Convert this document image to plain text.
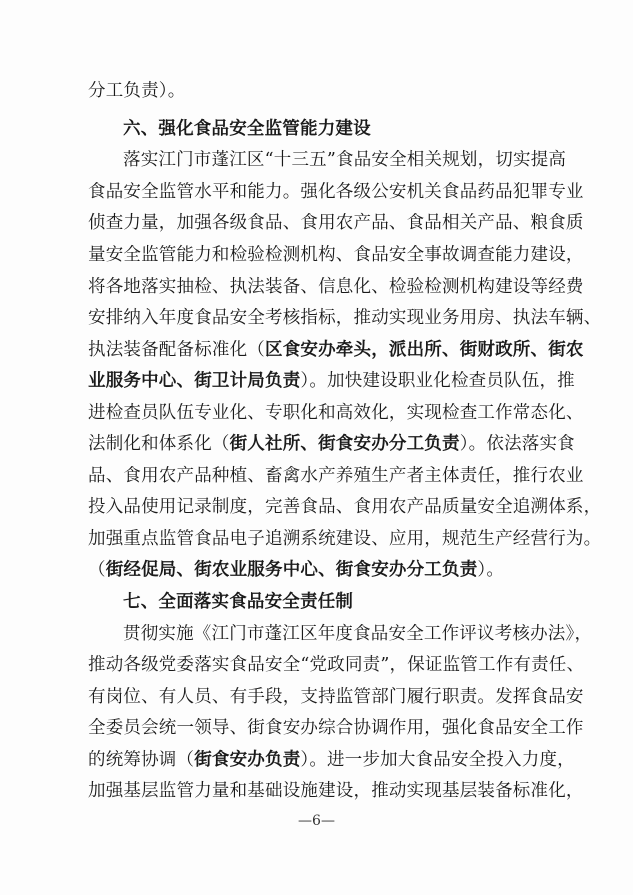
分工负责）。
六、强化食品安全监管能力建设
落实江门市蓬江区“十三五”食品安全相关规划，切实提高
食品安全监管水平和能力。强化各级公安机关食品药品犯罪专业
侦查力量，加强各级食品、食用农产品、食品相关产品、粮食质
量安全监管能力和检验检测机构、食品安全事故调查能力建设，
将各地落实抽检、执法装备、信息化、检验检测机构建设等经费
安排纳入年度食品安全考核指标，推动实现业务用房、执法车辆、
执法装备配备标准化（区食安办牵头，派出所、街财政所、街农
业服务中心、街卫计局负责）。加快建设职业化检查员队伍，推
进检查员队伍专业化、专职化和高效化，实现检查工作常态化、
法制化和体系化（街人社所、街食安办分工负责）。依法落实食
品、食用农产品种植、畜禽水产养殖生产者主体责任，推行农业
投入品使用记录制度，完善食品、食用农产品质量安全追溯体系，
加强重点监管食品电子追溯系统建设、应用，规范生产经营行为。
（街经促局、街农业服务中心、街食安办分工负责）。
七、全面落实食品安全责任制
贯彻实施《江门市蓬江区年度食品安全工作评议考核办法》，
推动各级党委落实食品安全“党政同责”，保证监管工作有责任、
有岗位、有人员、有手段，支持监管部门履行职责。发挥食品安
全委员会统一领导、街食安办综合协调作用，强化食品安全工作
的统筹协调（街食安办负责）。进一步加大食品安全投入力度，
加强基层监管力量和基础设施建设，推动实现基层装备标准化，
—6—
